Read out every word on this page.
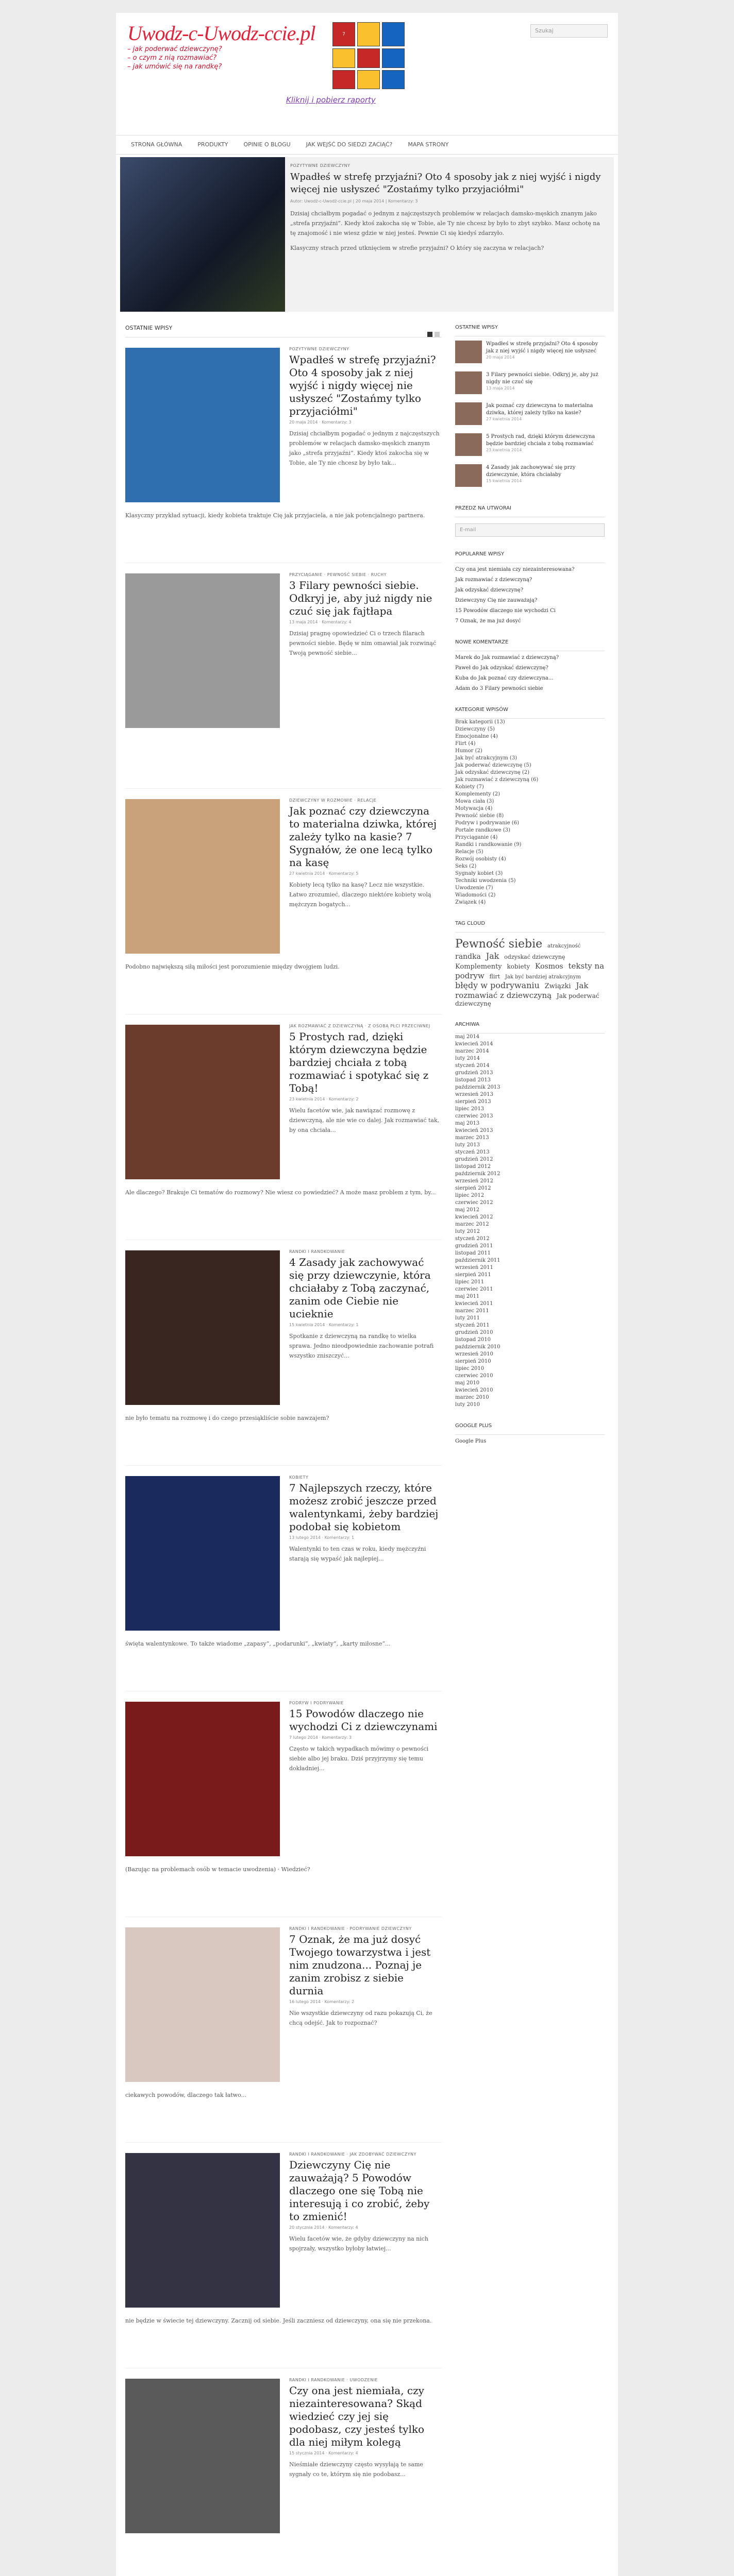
Uwodz-c-Uwodz-ccie.pl
– jak poderwać dziewczynę?
– o czym z nią rozmawiać?
– jak umówić się na randkę?
7
Kliknij i pobierz raporty
Szukaj
STRONA GŁÓWNA	PRODUKTY	OPINIE O BLOGU	JAK WEJŚĆ DO SIEDZI ZACIĄĆ?	MAPA STRONY
POZYTYWNE DZIEWCZYNY
Wpadłeś w strefę przyjaźni? Oto 4 sposoby jak z niej wyjść i nigdy więcej nie usłyszeć "Zostańmy tylko przyjaciółmi"
Autor: Uwodź-c-Uwodź-ccie.pl | 20 maja 2014 | Komentarzy: 3

Dzisiaj chciałbym pogadać o jednym z najczęstszych problemów w relacjach damsko-męskich znanym jako „strefa przyjaźni”. Kiedy ktoś zakocha się w Tobie, ale Ty nie chcesz by było to zbyt szybko. Masz ochotę na tę znajomość i nie wiesz gdzie w niej jesteś. Pewnie Ci się kiedyś zdarzyło.

Klasyczny strach przed utknięciem w strefie przyjaźni? O który się zaczyna w relacjach?

OSTATNIE WPISY
POZYTYWNE DZIEWCZYNY
Wpadłeś w strefę przyjaźni? Oto 4 sposoby jak z niej wyjść i nigdy więcej nie usłyszeć "Zostańmy tylko przyjaciółmi"
20 maja 2014 · Komentarzy: 3

Dzisiaj chciałbym pogadać o jednym z najczęstszych problemów w relacjach damsko-męskich znanym jako „strefa przyjaźni”. Kiedy ktoś zakocha się w Tobie, ale Ty nie chcesz by było tak...

Klasyczny przykład sytuacji, kiedy kobieta traktuje Cię jak przyjaciela, a nie jak potencjalnego partnera.

PRZYCIĄGANIE · PEWNOŚĆ SIEBIE · RUCHY
3 Filary pewności siebie. Odkryj je, aby już nigdy nie czuć się jak fajtłapa
13 maja 2014 · Komentarzy: 4

Dzisiaj pragnę opowiedzieć Ci o trzech filarach pewności siebie. Będę w nim omawiał jak rozwinąć Twoją pewność siebie...

DZIEWCZYNY W ROZMOWIE · RELACJE
Jak poznać czy dziewczyna to materialna dziwka, której zależy tylko na kasie? 7 Sygnałów, że one lecą tylko na kasę
27 kwietnia 2014 · Komentarzy: 5

Kobiety lecą tylko na kasę? Lecz nie wszystkie. Łatwo zrozumieć, dlaczego niektóre kobiety wolą mężczyzn bogatych...

Podobno największą siłą miłości jest porozumienie między dwojgiem ludzi.

JAK ROZMAWIAĆ Z DZIEWCZYNĄ · Z OSOBĄ PŁCI PRZECIWNEJ
5 Prostych rad, dzięki którym dziewczyna będzie bardziej chciała z tobą rozmawiać i spotykać się z Tobą!
23 kwietnia 2014 · Komentarzy: 2

Wielu facetów wie, jak nawiązać rozmowę z dziewczyną, ale nie wie co dalej. Jak rozmawiać tak, by ona chciała...

Ale dlaczego? Brakuje Ci tematów do rozmowy? Nie wiesz co powiedzieć? A może masz problem z tym, by...

RANDKI I RANDKOWANIE
4 Zasady jak zachowywać się przy dziewczynie, która chciałaby z Tobą zaczynać, zanim ode Ciebie nie ucieknie
15 kwietnia 2014 · Komentarzy: 1

Spotkanie z dziewczyną na randkę to wielka sprawa. Jedno nieodpowiednie zachowanie potrafi wszystko zniszczyć...

nie było tematu na rozmowę i do czego przesiąkliście sobie nawzajem?

KOBIETY
7 Najlepszych rzeczy, które możesz zrobić jeszcze przed walentynkami, żeby bardziej podobał się kobietom
13 lutego 2014 · Komentarzy: 1

Walentynki to ten czas w roku, kiedy mężczyźni starają się wypaść jak najlepiej...

święta walentynkowe. To także wiadome „zapasy”, „podarunki”, „kwiaty”, „karty miłosne”...

PODRYW I PODRYWANIE
15 Powodów dlaczego nie wychodzi Ci z dziewczynami
7 lutego 2014 · Komentarzy: 3

Często w takich wypadkach mówimy o pewności siebie albo jej braku. Dziś przyjrzymy się temu dokładniej...

(Bazując na problemach osób w temacie uwodzenia) · Wiedzieć?

RANDKI I RANDKOWANIE · PODRYWANIE DZIEWCZYNY
7 Oznak, że ma już dosyć Twojego towarzystwa i jest nim znudzona... Poznaj je zanim zrobisz z siebie durnia
16 lutego 2014 · Komentarzy: 2

Nie wszystkie dziewczyny od razu pokazują Ci, że chcą odejść. Jak to rozpoznać?

ciekawych powodów, dlaczego tak łatwo...

RANDKI I RANDKOWANIE · JAK ZDOBYWAĆ DZIEWCZYNY
Dziewczyny Cię nie zauważają? 5 Powodów dlaczego one się Tobą nie interesują i co zrobić, żeby to zmienić!
20 stycznia 2014 · Komentarzy: 4

Wielu facetów wie, że gdyby dziewczyny na nich spojrzały, wszystko byłoby łatwiej...

nie będzie w świecie tej dziewczyny. Zacznij od siebie. Jeśli zaczniesz od dziewczyny, ona się nie przekona.

RANDKI I RANDKOWANIE · UWODZENIE
Czy ona jest niemiała, czy niezainteresowana? Skąd wiedzieć czy jej się podobasz, czy jesteś tylko dla niej miłym kolegą
15 stycznia 2014 · Komentarzy: 4

Nieśmiałe dziewczyny często wysyłają te same sygnały co te, którym się nie podobasz...

OSTATNIE WPISY
Wpadłeś w strefę przyjaźni? Oto 4 sposoby jak z niej wyjść i nigdy więcej nie usłyszeć
20 maja 2014
3 Filary pewności siebie. Odkryj je, aby już nigdy nie czuć się
13 maja 2014
Jak poznać czy dziewczyna to materialna dziwka, której zależy tylko na kasie?
27 kwietnia 2014
5 Prostych rad, dzięki którym dziewczyna będzie bardziej chciała z tobą rozmawiać
23 kwietnia 2014
4 Zasady jak zachowywać się przy dziewczynie, która chciałaby
15 kwietnia 2014
PRZEDZ NA UTWORAI
E-mail
POPULARNE WPISY
Czy ona jest niemiała czy niezainteresowana?
Jak rozmawiać z dziewczyną?
Jak odzyskać dziewczynę?
Dziewczyny Cię nie zauważają?
15 Powodów dlaczego nie wychodzi Ci
7 Oznak, że ma już dosyć
NOWE KOMENTARZE
Marek do Jak rozmawiać z dziewczyną?
Paweł do Jak odzyskać dziewczynę?
Kuba do Jak poznać czy dziewczyna...
Adam do 3 Filary pewności siebie
KATEGORIE WPISÓW
Brak kategorii (13)
Dziewczyny (5)
Emocjonalne (4)
Flirt (4)
Humor (2)
Jak być atrakcyjnym (3)
Jak poderwać dziewczynę (5)
Jak odzyskać dziewczynę (2)
Jak rozmawiać z dziewczyną (6)
Kobiety (7)
Komplementy (2)
Mowa ciała (3)
Motywacja (4)
Pewność siebie (8)
Podryw i podrywanie (6)
Portale randkowe (3)
Przyciąganie (4)
Randki i randkowanie (9)
Relacje (5)
Rozwój osobisty (4)
Seks (2)
Sygnały kobiet (3)
Techniki uwodzenia (5)
Uwodzenie (7)
Wiadomości (2)
Związek (4)
TAG CLOUD
Pewność siebie atrakcyjność randka Jak odzyskać dziewczynę Komplementy kobiety Kosmos teksty na podryw flirt Jak być bardziej atrakcyjnym błędy w podrywaniu Związki Jak rozmawiać z dziewczyną Jak poderwać dziewczynę
ARCHIWA
maj 2014
kwiecień 2014
marzec 2014
luty 2014
styczeń 2014
grudzień 2013
listopad 2013
październik 2013
wrzesień 2013
sierpień 2013
lipiec 2013
czerwiec 2013
maj 2013
kwiecień 2013
marzec 2013
luty 2013
styczeń 2013
grudzień 2012
listopad 2012
październik 2012
wrzesień 2012
sierpień 2012
lipiec 2012
czerwiec 2012
maj 2012
kwiecień 2012
marzec 2012
luty 2012
styczeń 2012
grudzień 2011
listopad 2011
październik 2011
wrzesień 2011
sierpień 2011
lipiec 2011
czerwiec 2011
maj 2011
kwiecień 2011
marzec 2011
luty 2011
styczeń 2011
grudzień 2010
listopad 2010
październik 2010
wrzesień 2010
sierpień 2010
lipiec 2010
czerwiec 2010
maj 2010
kwiecień 2010
marzec 2010
luty 2010
GOOGLE PLUS
Google Plus
